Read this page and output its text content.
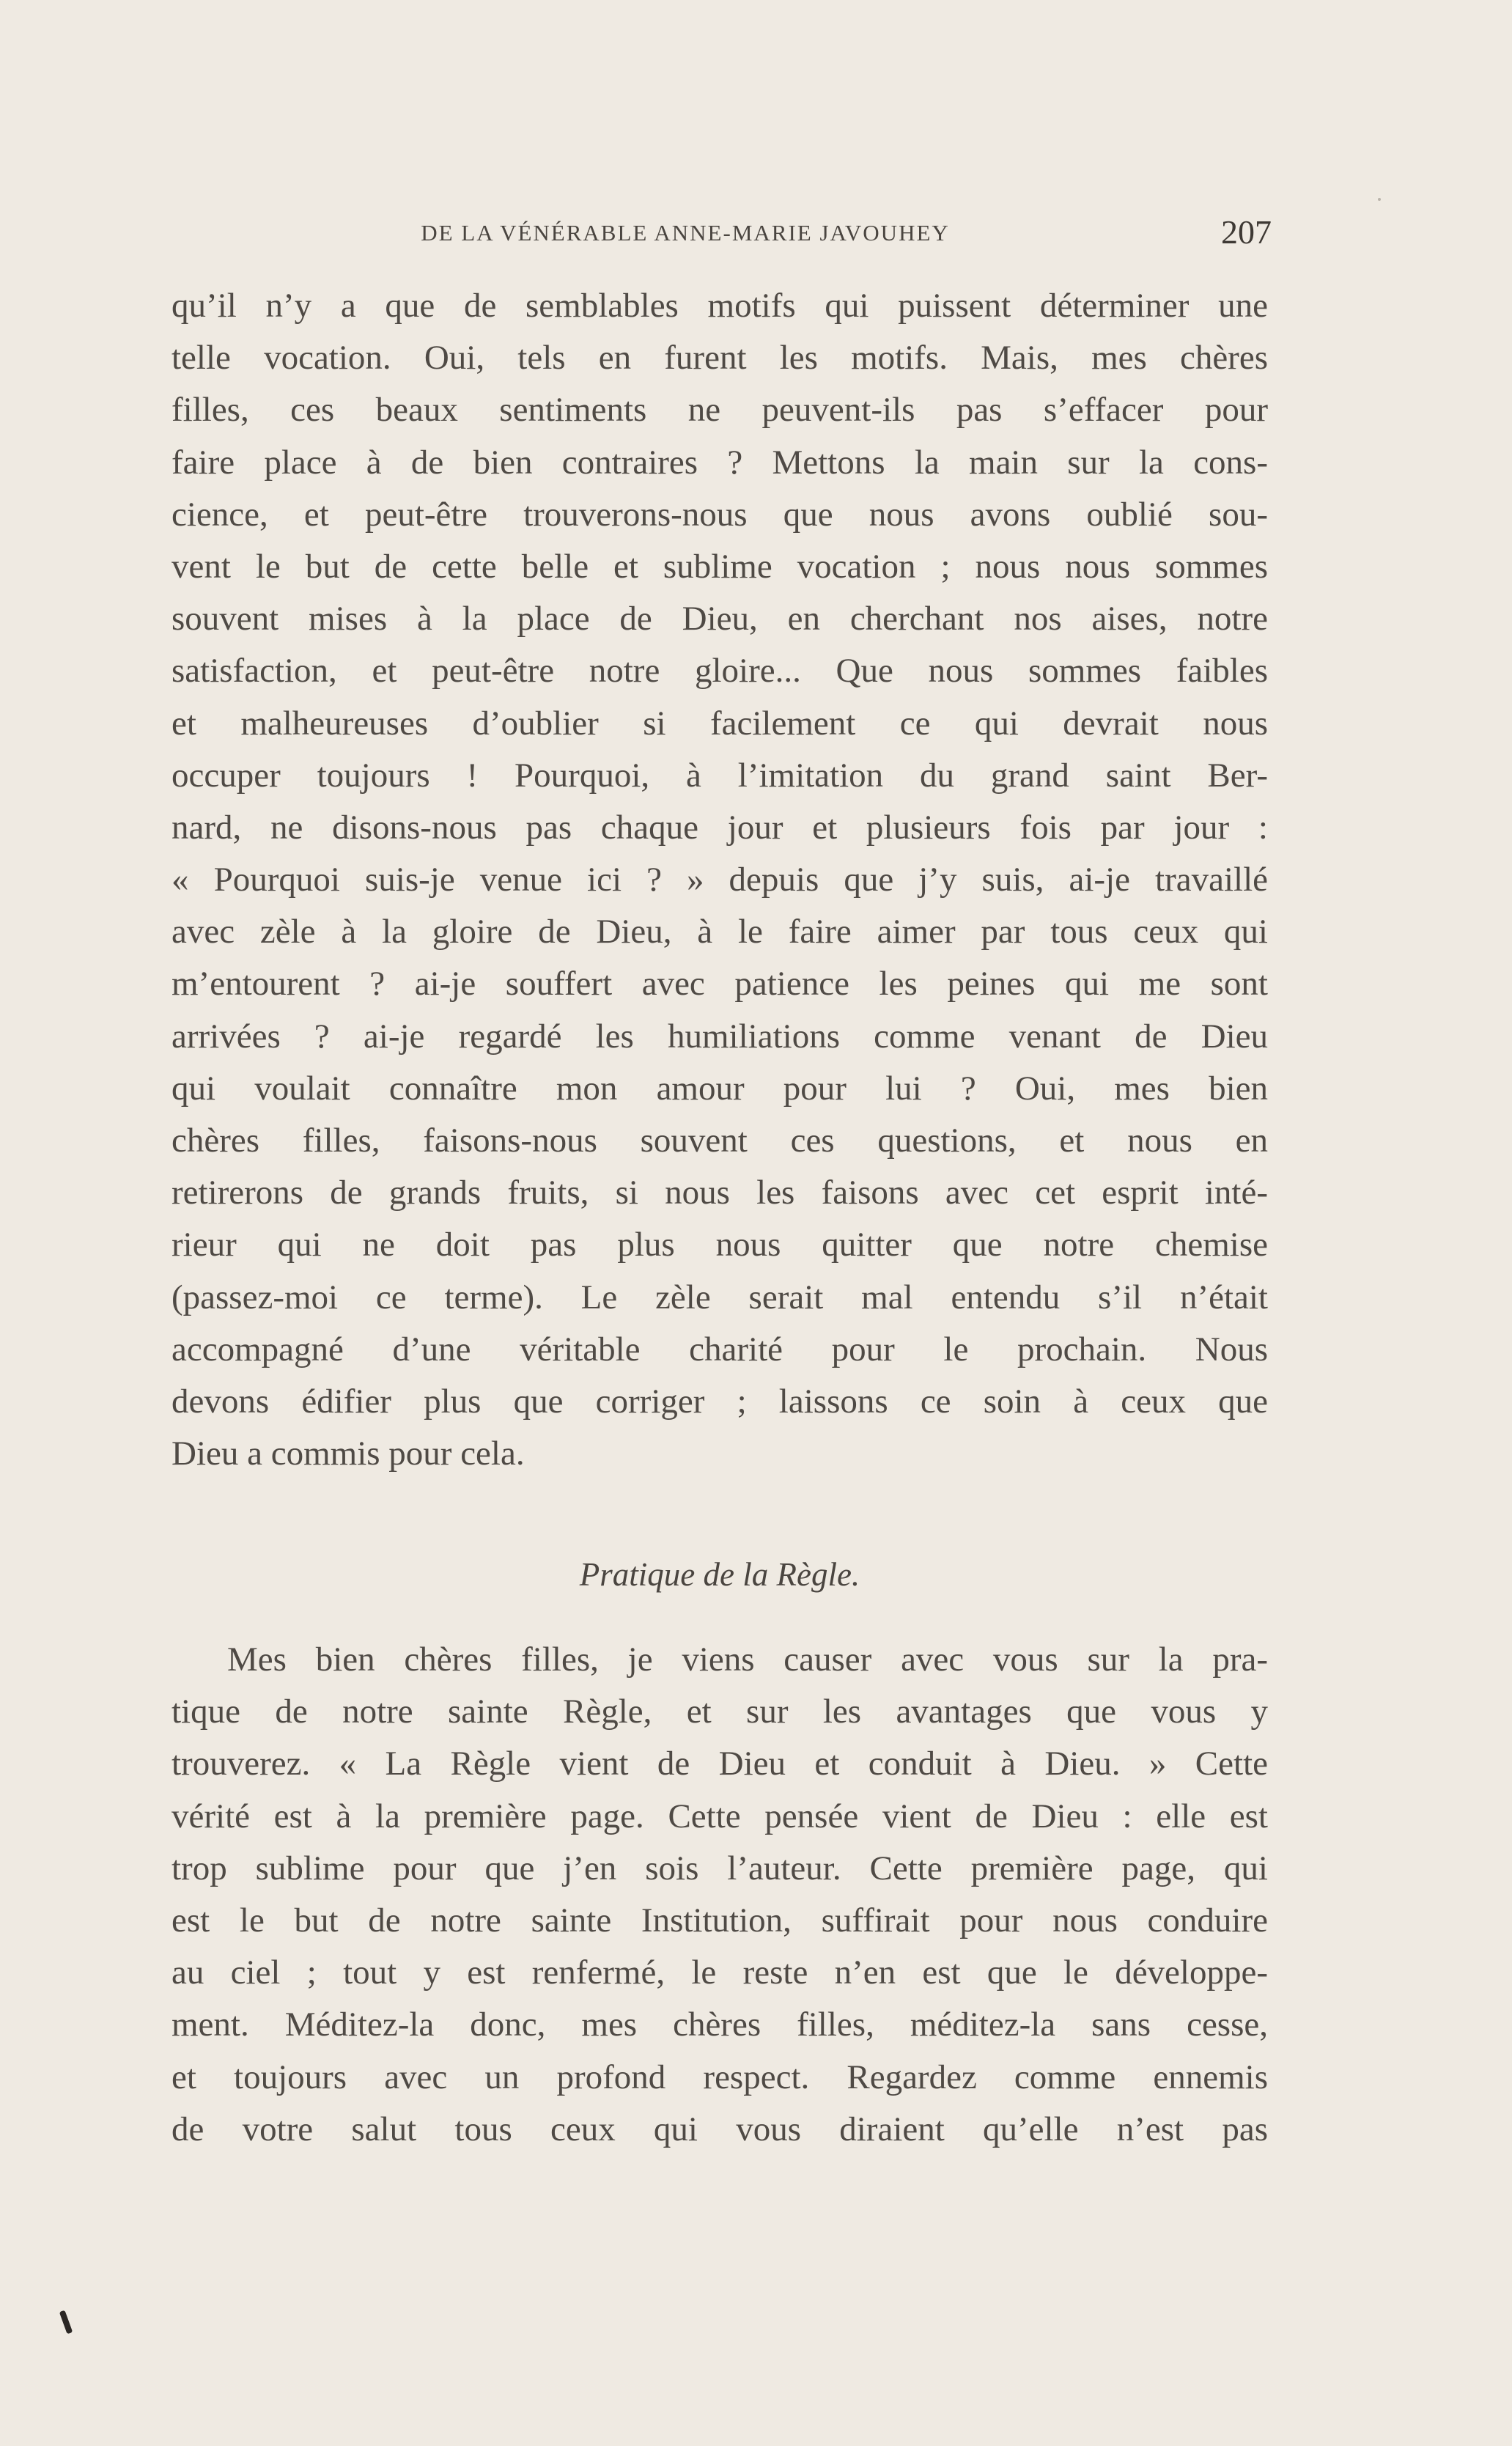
DE LA VÉNÉRABLE ANNE-MARIE JAVOUHEY	207
qu’il n’y a que de semblables motifs qui puissent déterminer une
telle vocation. Oui, tels en furent les motifs. Mais, mes chères
filles, ces beaux sentiments ne peuvent-ils pas s’effacer pour
faire place à de bien contraires ? Mettons la main sur la cons-
cience, et peut-être trouverons-nous que nous avons oublié sou-
vent le but de cette belle et sublime vocation ; nous nous sommes
souvent mises à la place de Dieu, en cherchant nos aises, notre
satisfaction, et peut-être notre gloire... Que nous sommes faibles
et malheureuses d’oublier si facilement ce qui devrait nous
occuper toujours ! Pourquoi, à l’imitation du grand saint Ber-
nard, ne disons-nous pas chaque jour et plusieurs fois par jour :
« Pourquoi suis-je venue ici ? » depuis que j’y suis, ai-je travaillé
avec zèle à la gloire de Dieu, à le faire aimer par tous ceux qui
m’entourent ? ai-je souffert avec patience les peines qui me sont
arrivées ? ai-je regardé les humiliations comme venant de Dieu
qui voulait connaître mon amour pour lui ? Oui, mes bien
chères filles, faisons-nous souvent ces questions, et nous en
retirerons de grands fruits, si nous les faisons avec cet esprit inté-
rieur qui ne doit pas plus nous quitter que notre chemise
(passez-moi ce terme). Le zèle serait mal entendu s’il n’était
accompagné d’une véritable charité pour le prochain. Nous
devons édifier plus que corriger ; laissons ce soin à ceux que
Dieu a commis pour cela.
Pratique de la Règle.
Mes bien chères filles, je viens causer avec vous sur la pra-
tique de notre sainte Règle, et sur les avantages que vous y
trouverez. « La Règle vient de Dieu et conduit à Dieu. » Cette
vérité est à la première page. Cette pensée vient de Dieu : elle est
trop sublime pour que j’en sois l’auteur. Cette première page, qui
est le but de notre sainte Institution, suffirait pour nous conduire
au ciel ; tout y est renfermé, le reste n’en est que le développe-
ment. Méditez-la donc, mes chères filles, méditez-la sans cesse,
et toujours avec un profond respect. Regardez comme ennemis
de votre salut tous ceux qui vous diraient qu’elle n’est pas
